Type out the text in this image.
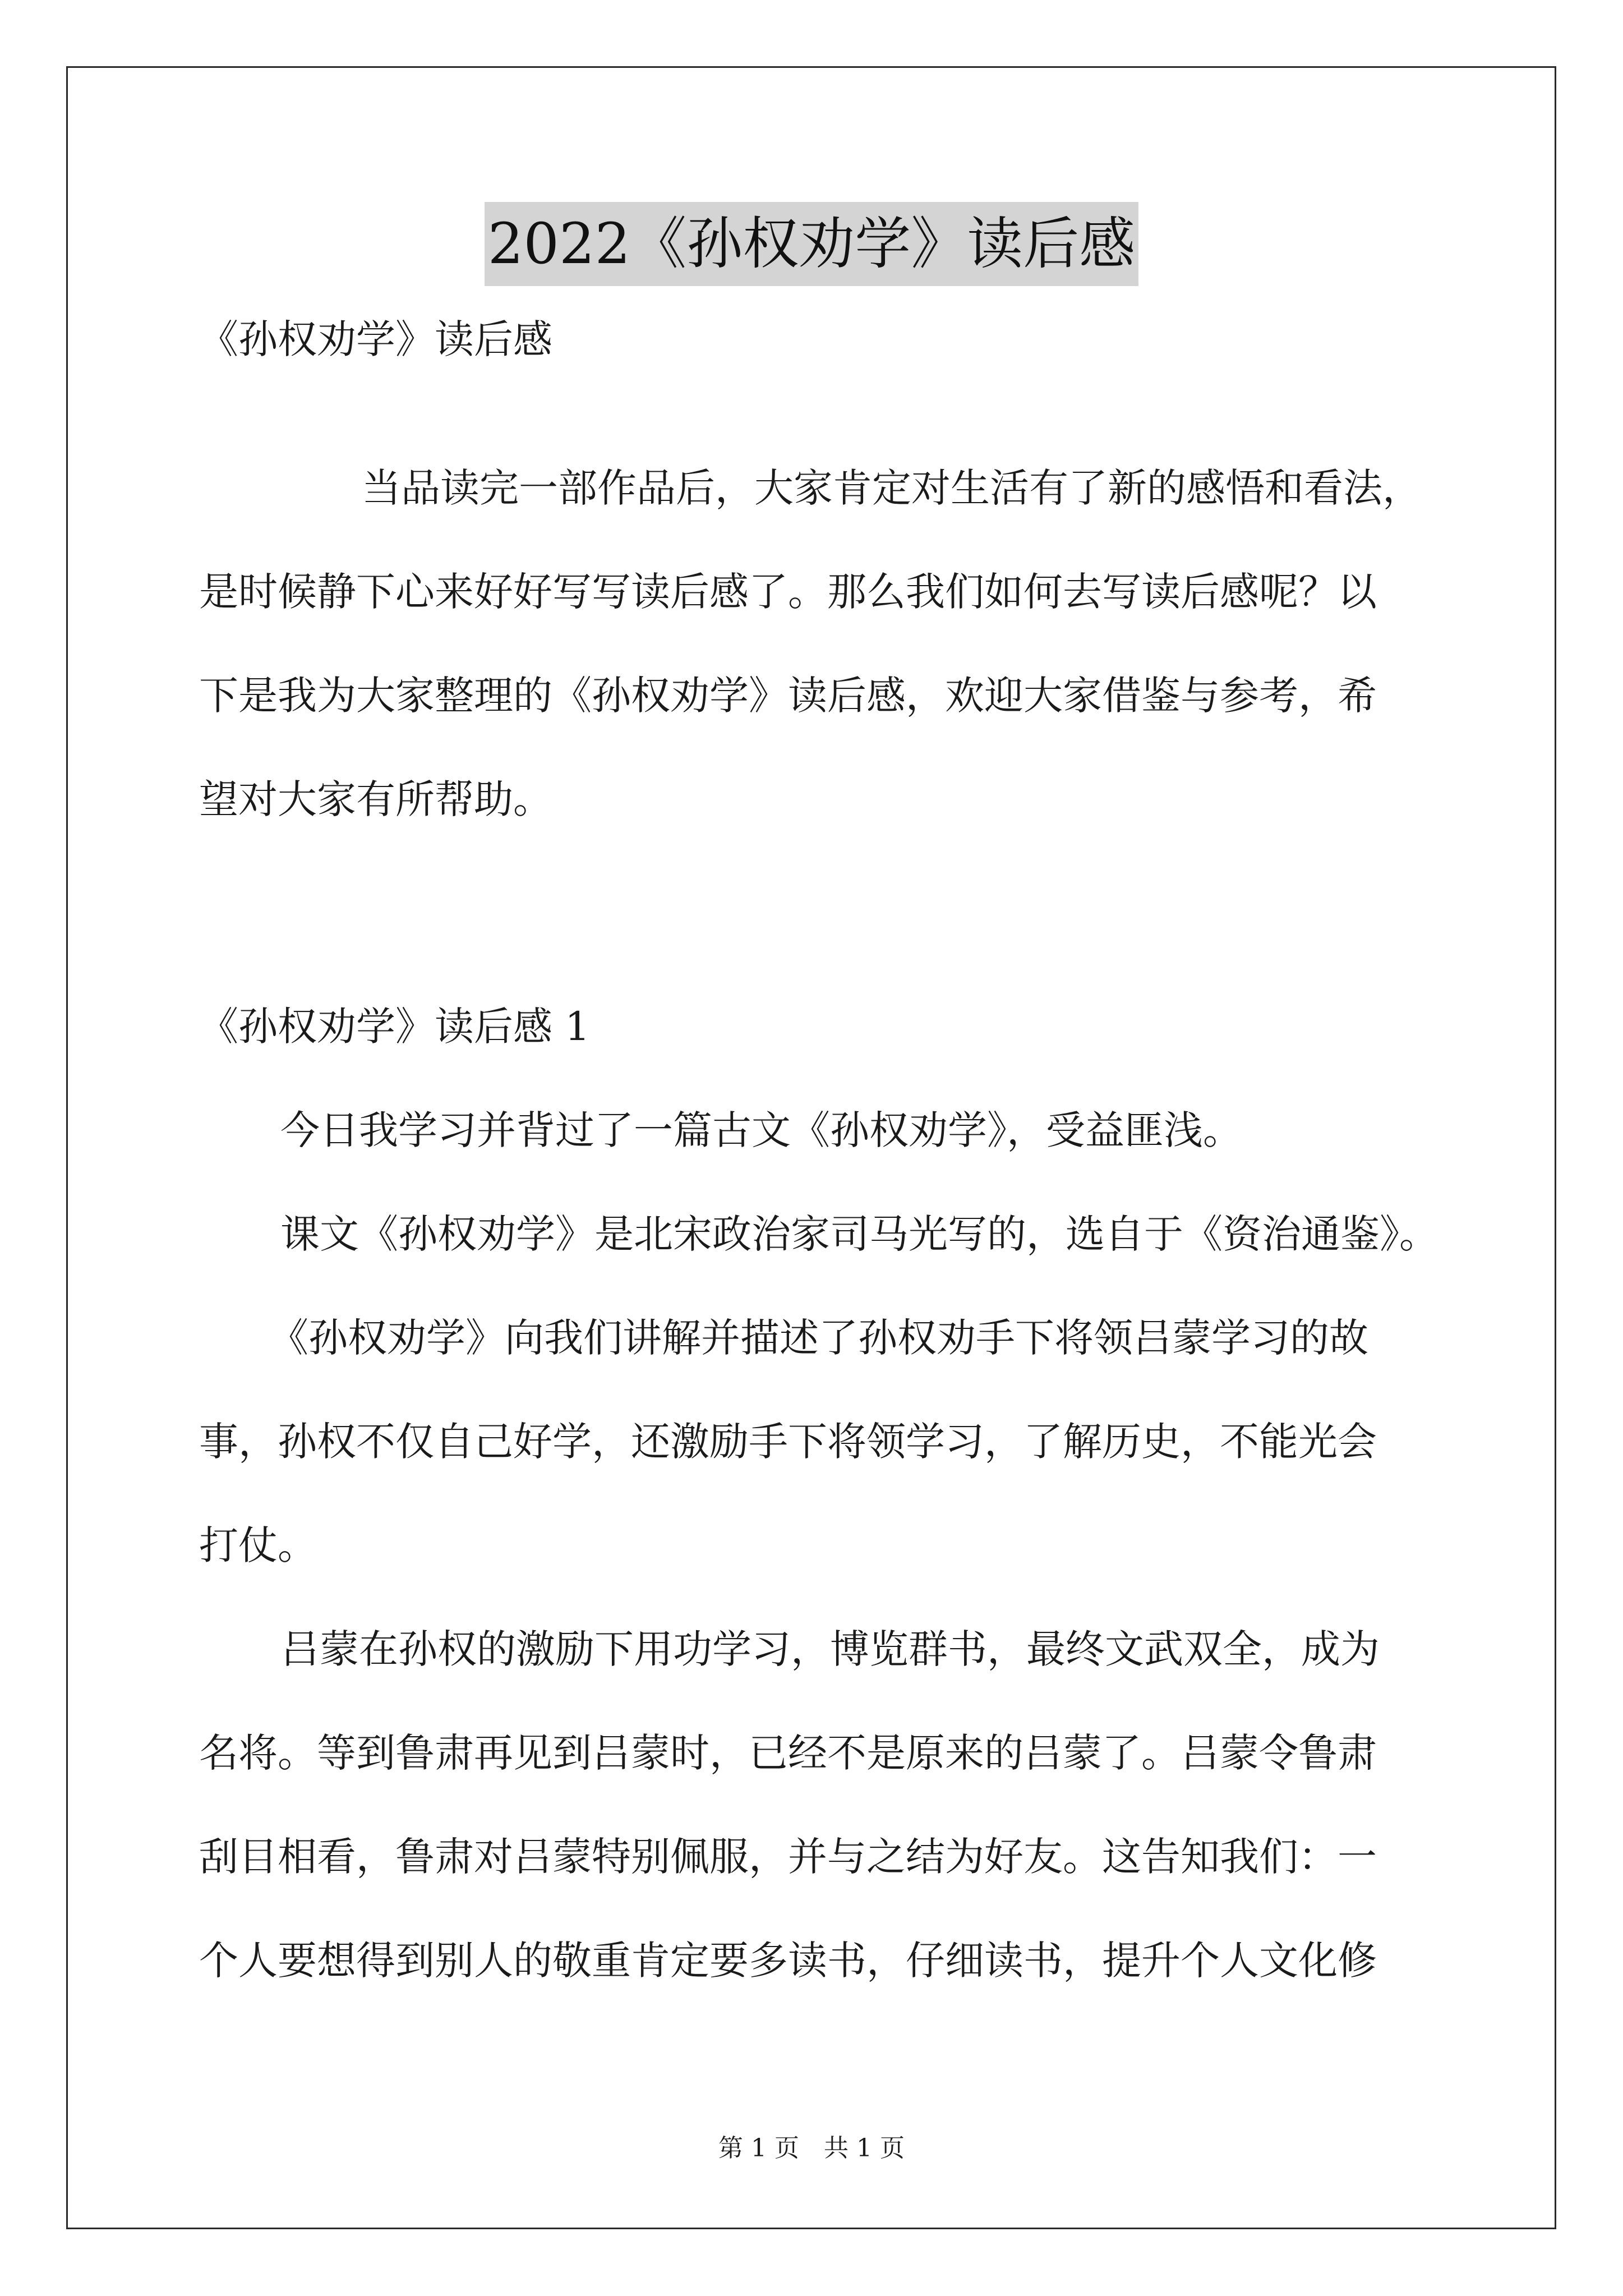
2022《孙权劝学》读后感
《孙权劝学》读后感
当品读完一部作品后，大家肯定对生活有了新的感悟和看法，
是时候静下心来好好写写读后感了。那么我们如何去写读后感呢？以
下是我为大家整理的《孙权劝学》读后感，欢迎大家借鉴与参考，希
望对大家有所帮助。
《孙权劝学》读后感 1
今日我学习并背过了一篇古文《孙权劝学》，受益匪浅。
课文《孙权劝学》是北宋政治家司马光写的，选自于《资治通鉴》。
《孙权劝学》向我们讲解并描述了孙权劝手下将领吕蒙学习的故
事，孙权不仅自己好学，还激励手下将领学习，了解历史，不能光会
打仗。
吕蒙在孙权的激励下用功学习，博览群书，最终文武双全，成为
名将。等到鲁肃再见到吕蒙时，已经不是原来的吕蒙了。吕蒙令鲁肃
刮目相看，鲁肃对吕蒙特别佩服，并与之结为好友。这告知我们：一
个人要想得到别人的敬重肯定要多读书，仔细读书，提升个人文化修
第 1 页　共 1 页
